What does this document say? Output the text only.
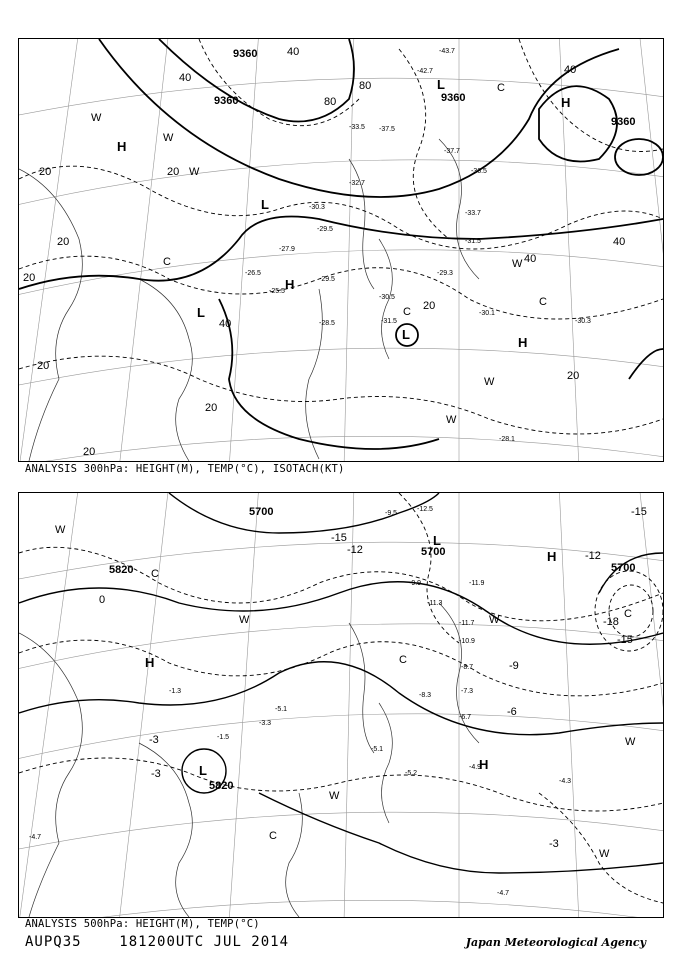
9360
9360	9360
9360
20	20
20
20
20
20
40
40
40
40
40
80
80
40
20
20
20
-37.7
-30.3
-28.5	-31.5
-30.5
-30.1
-30.3
-28.1
-37.5
-43.7
-42.7
-32.7
-33.7
-31.5
-33.5
-36.5
-29.5
-27.9
-25.5
-26.5
-29.5
-29.3
H
H
H
H
L
L
L
L
C
C
C
C
W
W
W
W
W
W
ANALYSIS 300hPa: HEIGHT(M), TEMP(°C), ISOTACH(KT)
5700
5700
5700
5820
5820
-15
-15
-12	-12
-9
-6
-3
-3
-3
-18
-15
0
-11.9
-11.7
-10.9
-8.7
-7.3
-6.7
-5.1
-4.9
-4.7
-4.3
-5.2
-3.3
-1.3
-1.5
-4.7
-5.1
-8.3
-9.9
-11.3
-12.5
-9.5
H
H
H
L
L
C
C
C
C
W
W
W
W
W	W
ANALYSIS 500hPa: HEIGHT(M), TEMP(°C)
AUPQ35	181200UTC JUL 2014	Japan Meteorological Agency
